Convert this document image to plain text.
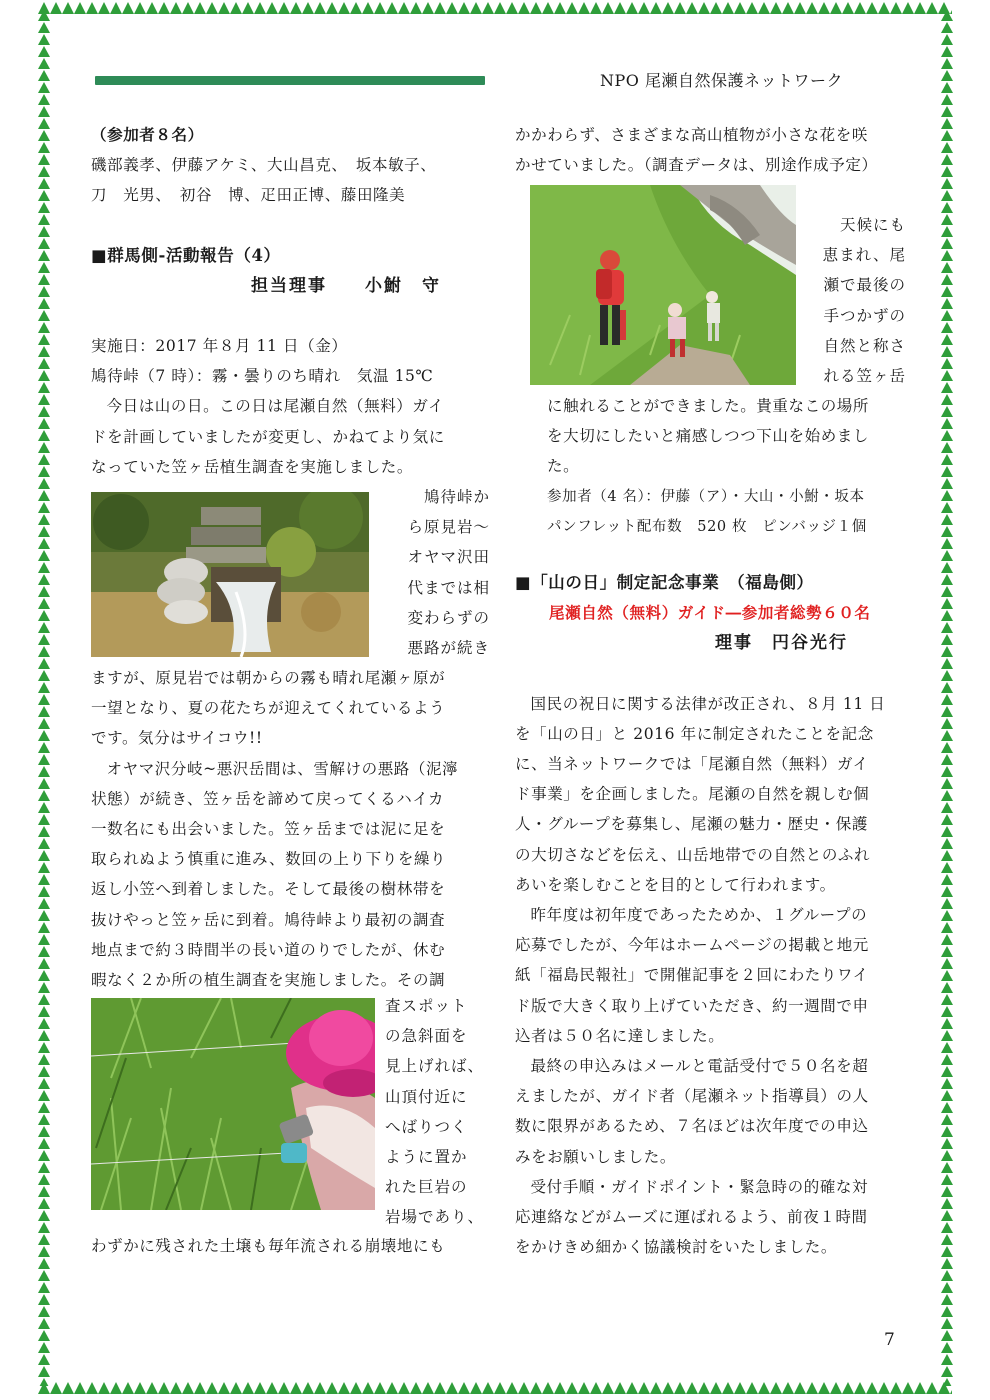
NPO 尾瀬自然保護ネットワーク

（参加者８名）

磯部義孝、伊藤アケミ、大山昌克、　坂本敏子、

刀　光男、　初谷　博、疋田正博、藤田隆美

■群馬側-活動報告（4）

担当理事　　小鮒　守

実施日：2017 年８月 11 日（金）

鳩待峠（7 時）：霧・曇りのち晴れ　気温 15℃

今日は山の日。この日は尾瀬自然（無料）ガイ

ドを計画していましたが変更し、かねてより気に

なっていた笠ヶ岳植生調査を実施しました。

鳩待峠か
ら原見岩～
オヤマ沢田
代までは相
変わらずの
悪路が続き

ますが、原見岩では朝からの霧も晴れ尾瀬ヶ原が

一望となり、夏の花たちが迎えてくれているよう

です。気分はサイコウ!!

オヤマ沢分岐~悪沢岳間は、雪解けの悪路（泥濘

状態）が続き、笠ヶ岳を諦めて戻ってくるハイカ

一数名にも出会いました。笠ヶ岳までは泥に足を

取られぬよう慎重に進み、数回の上り下りを繰り

返し小笠へ到着しました。そして最後の樹林帯を

抜けやっと笠ヶ岳に到着。鳩待峠より最初の調査

地点まで約３時間半の長い道のりでしたが、休む

暇なく２か所の植生調査を実施しました。その調

査スポット
の急斜面を
見上げれば、
山頂付近に
へばりつく
ように置か
れた巨岩の
岩場であり、

わずかに残された土壌も毎年流される崩壊地にも

かかわらず、さまざまな高山植物が小さな花を咲

かせていました。（調査データは、別途作成予定）

天候にも
恵まれ、尾
瀬で最後の
手つかずの
自然と称さ
れる笠ヶ岳

に触れることができました。貴重なこの場所

を大切にしたいと痛感しつつ下山を始めまし

た。

参加者（4 名）：伊藤（ア）・大山・小鮒・坂本

パンフレット配布数　520 枚　ピンバッジ１個

■「山の日」制定記念事業　（福島側）

尾瀬自然（無料）ガイド―参加者総勢６０名

理事　円谷光行

国民の祝日に関する法律が改正され、８月 11 日

を「山の日」と 2016 年に制定されたことを記念

に、当ネットワークでは「尾瀬自然（無料）ガイ

ド事業」を企画しました。尾瀬の自然を親しむ個

人・グループを募集し、尾瀬の魅力・歴史・保護

の大切さなどを伝え、山岳地帯での自然とのふれ

あいを楽しむことを目的として行われます。

昨年度は初年度であったためか、１グループの

応募でしたが、今年はホームページの掲載と地元

紙「福島民報社」で開催記事を２回にわたりワイ

ド版で大きく取り上げていただき、約一週間で申

込者は５０名に達しました。

最終の申込みはメールと電話受付で５０名を超

えましたが、ガイド者（尾瀬ネット指導員）の人

数に限界があるため、７名ほどは次年度での申込

みをお願いしました。

受付手順・ガイドポイント・緊急時の的確な対

応連絡などがムーズに運ばれるよう、前夜１時間

をかけきめ細かく協議検討をいたしました。

7
